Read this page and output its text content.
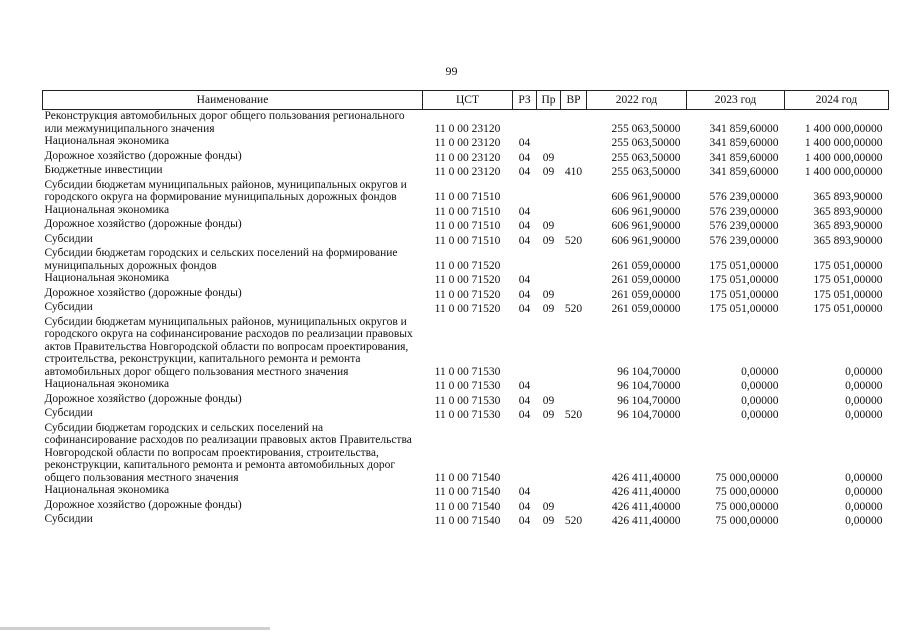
99
Наименование	ЦСТ	РЗ	Пр	ВР	2022 год	2023 год	2024 год
Реконструкция автомобильных дорог общего пользования регионального или межмуниципального значения	11 0 00 23120				255 063,50000	341 859,60000	1 400 000,00000
Национальная экономика	11 0 00 23120	04			255 063,50000	341 859,60000	1 400 000,00000
Дорожное хозяйство (дорожные фонды)	11 0 00 23120	04	09		255 063,50000	341 859,60000	1 400 000,00000
Бюджетные инвестиции	11 0 00 23120	04	09	410	255 063,50000	341 859,60000	1 400 000,00000
Субсидии бюджетам муниципальных районов, муниципальных округов и городского округа на формирование муниципальных дорожных фондов	11 0 00 71510				606 961,90000	576 239,00000	365 893,90000
Национальная экономика	11 0 00 71510	04			606 961,90000	576 239,00000	365 893,90000
Дорожное хозяйство (дорожные фонды)	11 0 00 71510	04	09		606 961,90000	576 239,00000	365 893,90000
Субсидии	11 0 00 71510	04	09	520	606 961,90000	576 239,00000	365 893,90000
Субсидии бюджетам городских и сельских поселений на формирование муниципальных дорожных фондов	11 0 00 71520				261 059,00000	175 051,00000	175 051,00000
Национальная экономика	11 0 00 71520	04			261 059,00000	175 051,00000	175 051,00000
Дорожное хозяйство (дорожные фонды)	11 0 00 71520	04	09		261 059,00000	175 051,00000	175 051,00000
Субсидии	11 0 00 71520	04	09	520	261 059,00000	175 051,00000	175 051,00000
Субсидии бюджетам муниципальных районов, муниципальных округов и городского округа на софинансирование расходов по реализации правовых актов Правительства Новгородской области по вопросам проектирования, строительства, реконструкции, капитального ремонта и ремонта автомобильных дорог общего пользования местного значения	11 0 00 71530				96 104,70000	0,00000	0,00000
Национальная экономика	11 0 00 71530	04			96 104,70000	0,00000	0,00000
Дорожное хозяйство (дорожные фонды)	11 0 00 71530	04	09		96 104,70000	0,00000	0,00000
Субсидии	11 0 00 71530	04	09	520	96 104,70000	0,00000	0,00000
Субсидии бюджетам городских и сельских поселений на софинансирование расходов по реализации правовых актов Правительства Новгородской области по вопросам проектирования, строительства, реконструкции, капитального ремонта и ремонта автомобильных дорог общего пользования местного значения	11 0 00 71540				426 411,40000	75 000,00000	0,00000
Национальная экономика	11 0 00 71540	04			426 411,40000	75 000,00000	0,00000
Дорожное хозяйство (дорожные фонды)	11 0 00 71540	04	09		426 411,40000	75 000,00000	0,00000
Субсидии	11 0 00 71540	04	09	520	426 411,40000	75 000,00000	0,00000
